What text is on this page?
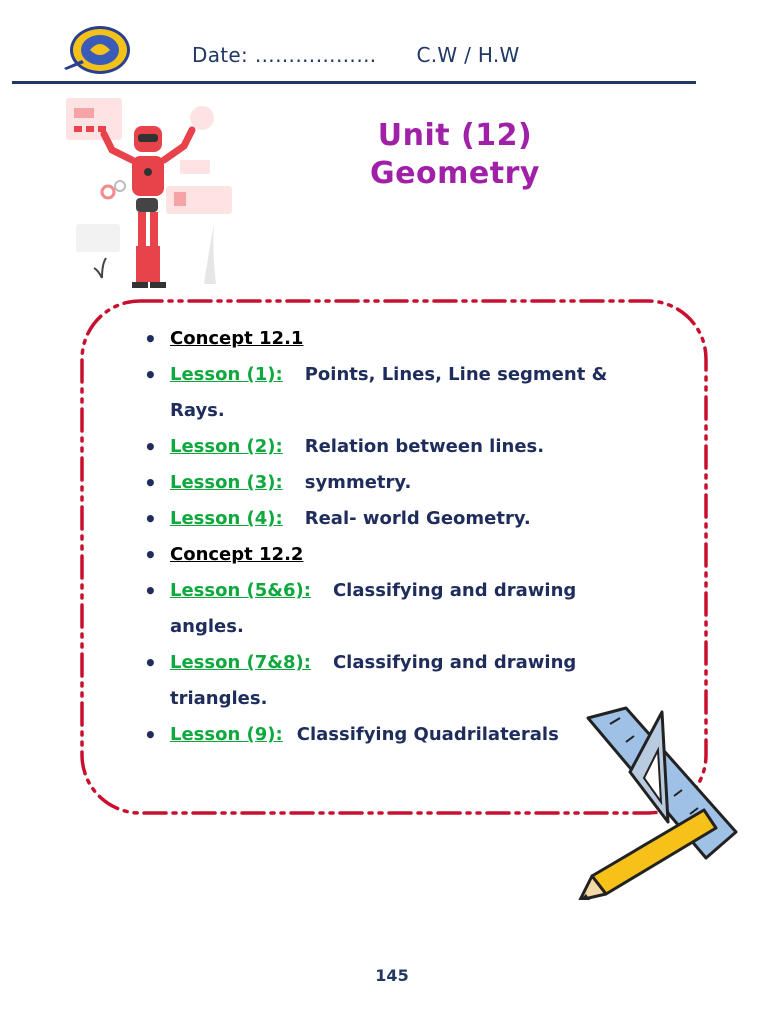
Date: ……………… C.W / H.W
Unit (12)
Geometry
• Concept 12.1
• Lesson (1): Points, Lines, Line segment &
Rays.
• Lesson (2): Relation between lines.
• Lesson (3): symmetry.
• Lesson (4): Real- world Geometry.
• Concept 12.2
• Lesson (5&6): Classifying and drawing
angles.
• Lesson (7&8): Classifying and drawing
triangles.
• Lesson (9): Classifying Quadrilaterals
145
